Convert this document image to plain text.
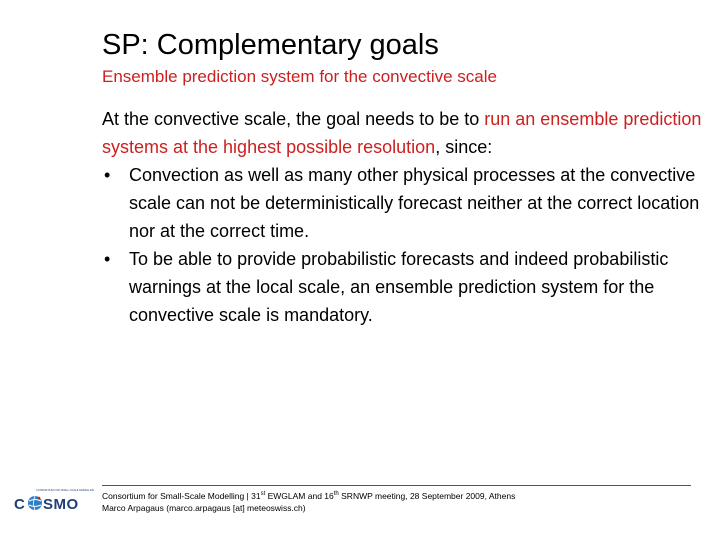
SP: Complementary goals
Ensemble prediction system for the convective scale

At the convective scale, the goal needs to be to run an ensemble prediction systems at the highest possible resolution, since:

• Convection as well as many other physical processes at the convective scale can not be deterministically forecast neither at the correct location nor at the correct time.
• To be able to provide probabilistic forecasts and indeed probabilistic warnings at the local scale, an ensemble prediction system for the convective scale is mandatory.
CONSORTIUM FOR SMALL-SCALE MODELLING
C SMO	Consortium for Small-Scale Modelling | 31st EWGLAM and 16th SRNWP meeting, 28 September 2009, Athens
Marco Arpagaus (marco.arpagaus [at] meteoswiss.ch)
